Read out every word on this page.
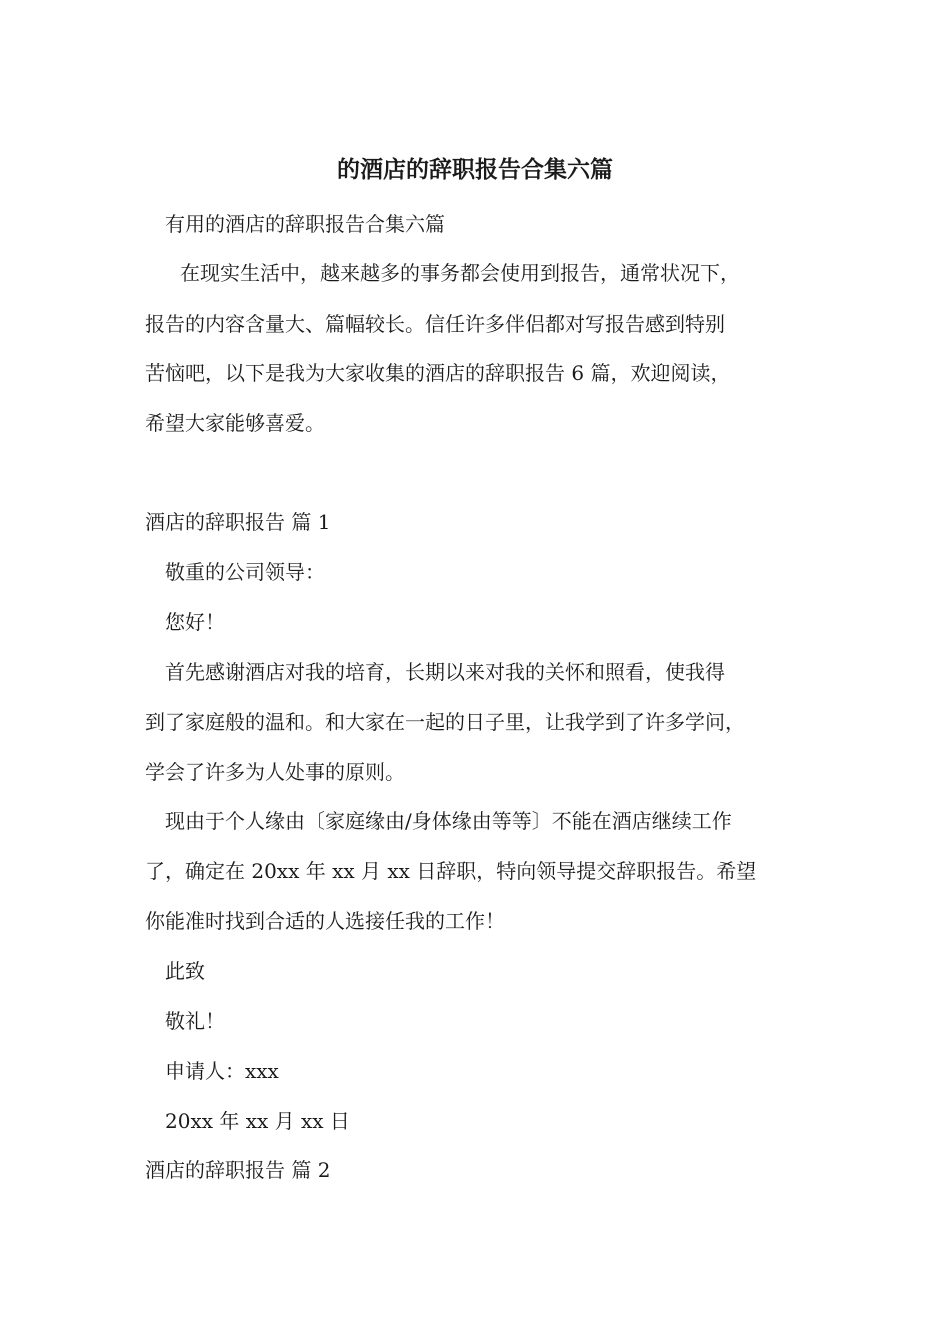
的酒店的辞职报告合集六篇
有用的酒店的辞职报告合集六篇
在现实生活中，越来越多的事务都会使用到报告，通常状况下，
报告的内容含量大、篇幅较长。信任许多伴侣都对写报告感到特别
苦恼吧，以下是我为大家收集的酒店的辞职报告 6 篇，欢迎阅读，
希望大家能够喜爱。
酒店的辞职报告 篇 1
敬重的公司领导：
您好！
首先感谢酒店对我的培育，长期以来对我的关怀和照看，使我得
到了家庭般的温和。和大家在一起的日子里，让我学到了许多学问，
学会了许多为人处事的原则。
现由于个人缘由〔家庭缘由/身体缘由等等〕不能在酒店继续工作
了，确定在 20xx 年 xx 月 xx 日辞职，特向领导提交辞职报告。希望
你能准时找到合适的人选接任我的工作！
此致
敬礼！
申请人：xxx
20xx 年 xx 月 xx 日
酒店的辞职报告 篇 2
